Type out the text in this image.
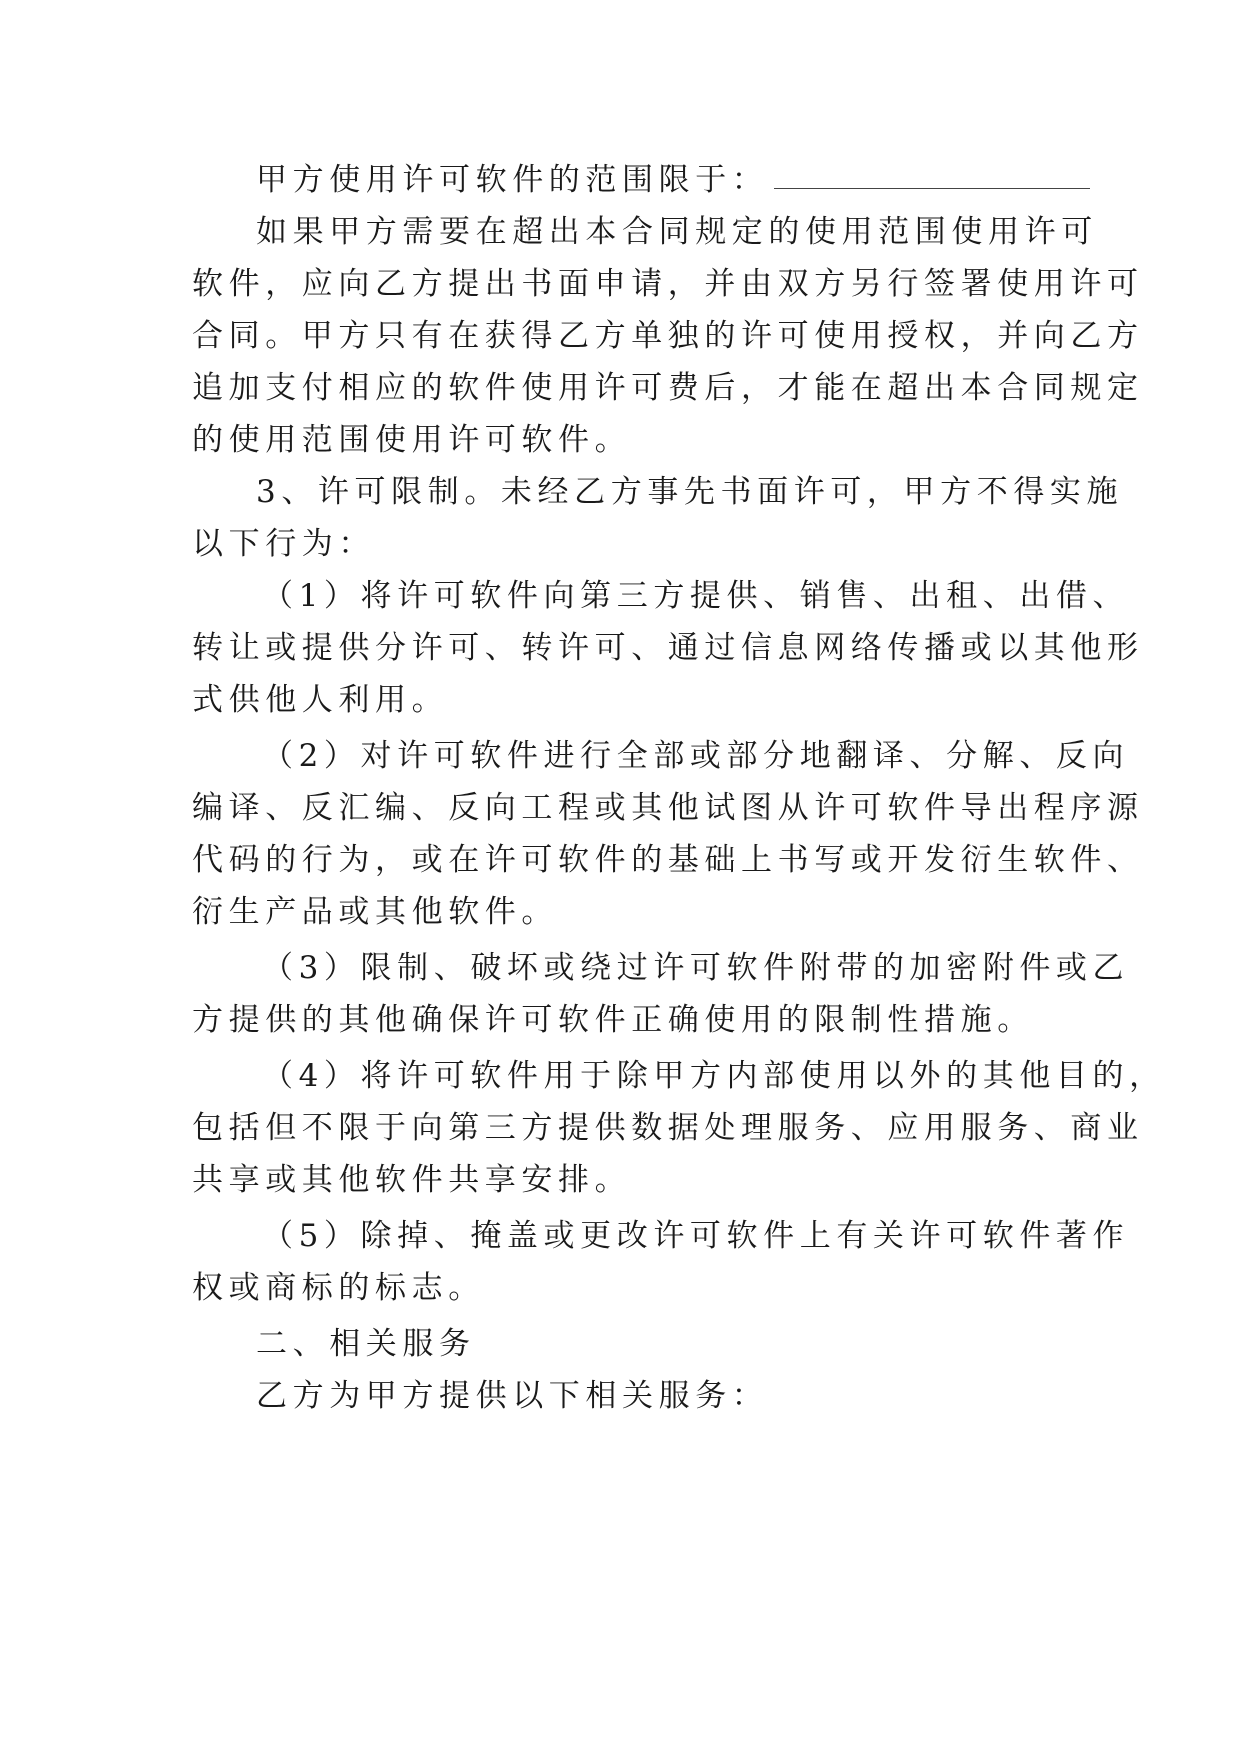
甲方使用许可软件的范围限于：
如果甲方需要在超出本合同规定的使用范围使用许可
软件，应向乙方提出书面申请，并由双方另行签署使用许可
合同。甲方只有在获得乙方单独的许可使用授权，并向乙方
追加支付相应的软件使用许可费后，才能在超出本合同规定
的使用范围使用许可软件。
3、许可限制。未经乙方事先书面许可，甲方不得实施
以下行为：
（1）将许可软件向第三方提供、销售、出租、出借、
转让或提供分许可、转许可、通过信息网络传播或以其他形
式供他人利用。
（2）对许可软件进行全部或部分地翻译、分解、反向
编译、反汇编、反向工程或其他试图从许可软件导出程序源
代码的行为，或在许可软件的基础上书写或开发衍生软件、
衍生产品或其他软件。
（3）限制、破坏或绕过许可软件附带的加密附件或乙
方提供的其他确保许可软件正确使用的限制性措施。
（4）将许可软件用于除甲方内部使用以外的其他目的，
包括但不限于向第三方提供数据处理服务、应用服务、商业
共享或其他软件共享安排。
（5）除掉、掩盖或更改许可软件上有关许可软件著作
权或商标的标志。
二、相关服务
乙方为甲方提供以下相关服务：
